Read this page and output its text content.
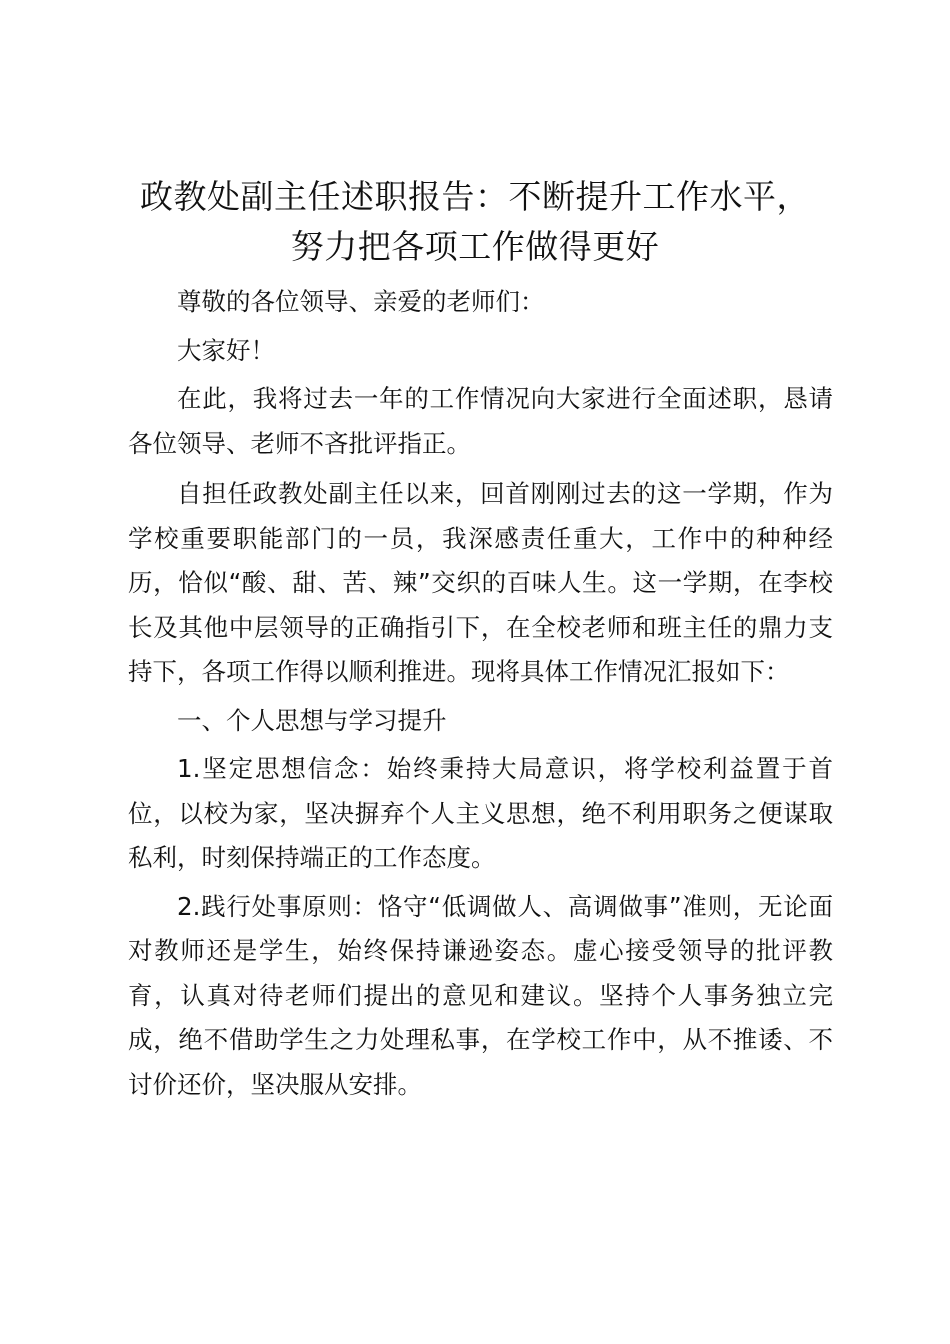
政教处副主任述职报告：不断提升工作水平，
努力把各项工作做得更好

尊敬的各位领导、亲爱的老师们：

大家好！

在此，我将过去一年的工作情况向大家进行全面述职，恳请各位领导、老师不吝批评指正。

自担任政教处副主任以来，回首刚刚过去的这一学期，作为学校重要职能部门的一员，我深感责任重大，工作中的种种经历，恰似“酸、甜、苦、辣”交织的百味人生。这一学期，在李校长及其他中层领导的正确指引下，在全校老师和班主任的鼎力支持下，各项工作得以顺利推进。现将具体工作情况汇报如下：

一、个人思想与学习提升

1.坚定思想信念：始终秉持大局意识，将学校利益置于首位，以校为家，坚决摒弃个人主义思想，绝不利用职务之便谋取私利，时刻保持端正的工作态度。

2.践行处事原则：恪守“低调做人、高调做事”准则，无论面对教师还是学生，始终保持谦逊姿态。虚心接受领导的批评教育，认真对待老师们提出的意见和建议。坚持个人事务独立完成，绝不借助学生之力处理私事，在学校工作中，从不推诿、不讨价还价，坚决服从安排。
